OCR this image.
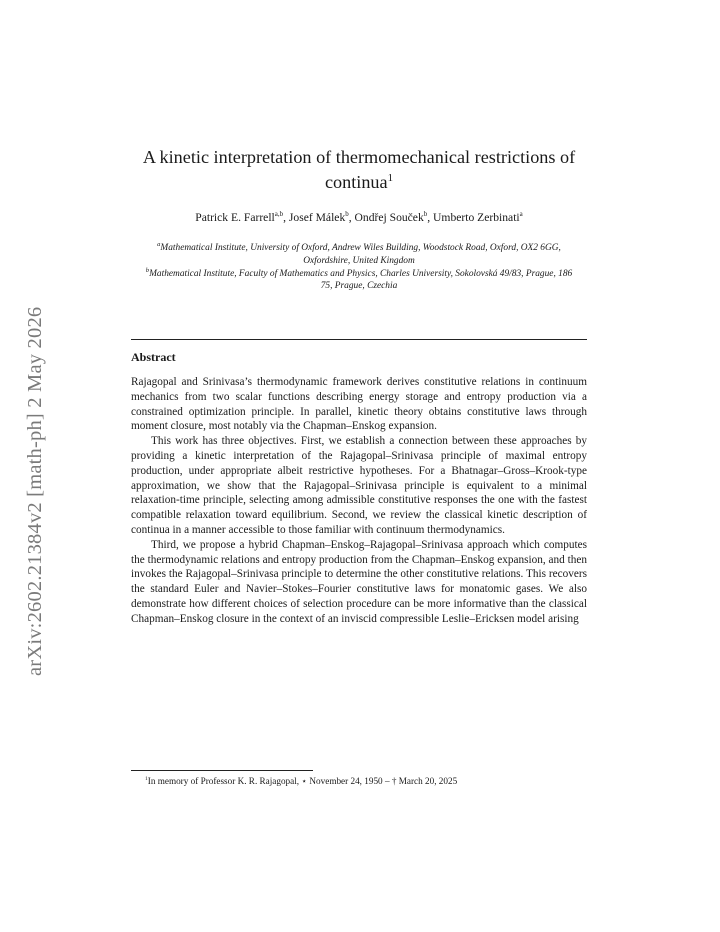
arXiv:2602.21384v2 [math-ph] 2 May 2026
A kinetic interpretation of thermomechanical restrictions of continua$^1$
Patrick E. Farrell$^{a,b}$, Josef Málek$^b$, Ondřej Souček$^b$, Umberto Zerbinati$^a$
$^a$Mathematical Institute, University of Oxford, Andrew Wiles Building, Woodstock Road, Oxford, OX2 6GG, Oxfordshire, United Kingdom
$^b$Mathematical Institute, Faculty of Mathematics and Physics, Charles University, Sokolovská 49/83, Prague, 186 75, Prague, Czechia
Abstract

Rajagopal and Srinivasa’s thermodynamic framework derives constitutive relations in continuum mechanics from two scalar functions describing energy storage and entropy production via a constrained optimization principle. In parallel, kinetic theory obtains constitutive laws through moment closure, most notably via the Chapman–Enskog expansion.

This work has three objectives. First, we establish a connection between these approaches by providing a kinetic interpretation of the Rajagopal–Srinivasa principle of maximal entropy production, under appropriate albeit restrictive hypotheses. For a Bhatnagar–Gross–Krook-type approximation, we show that the Rajagopal–Srinivasa principle is equivalent to a minimal relaxation-time principle, selecting among admissible constitutive responses the one with the fastest compatible relaxation toward equilibrium. Second, we review the classical kinetic description of continua in a manner accessible to those familiar with continuum thermodynamics.

Third, we propose a hybrid Chapman–Enskog–Rajagopal–Srinivasa approach which computes the thermodynamic relations and entropy production from the Chapman–Enskog expansion, and then invokes the Rajagopal–Srinivasa principle to determine the other constitutive relations. This recovers the standard Euler and Navier–Stokes–Fourier constitutive laws for monatomic gases. We also demonstrate how different choices of selection procedure can be more informative than the classical Chapman–Enskog closure in the context of an inviscid compressible Leslie–Ericksen model arising

$^1$In memory of Professor K. R. Rajagopal, ⋆ November 24, 1950 – † March 20, 2025
